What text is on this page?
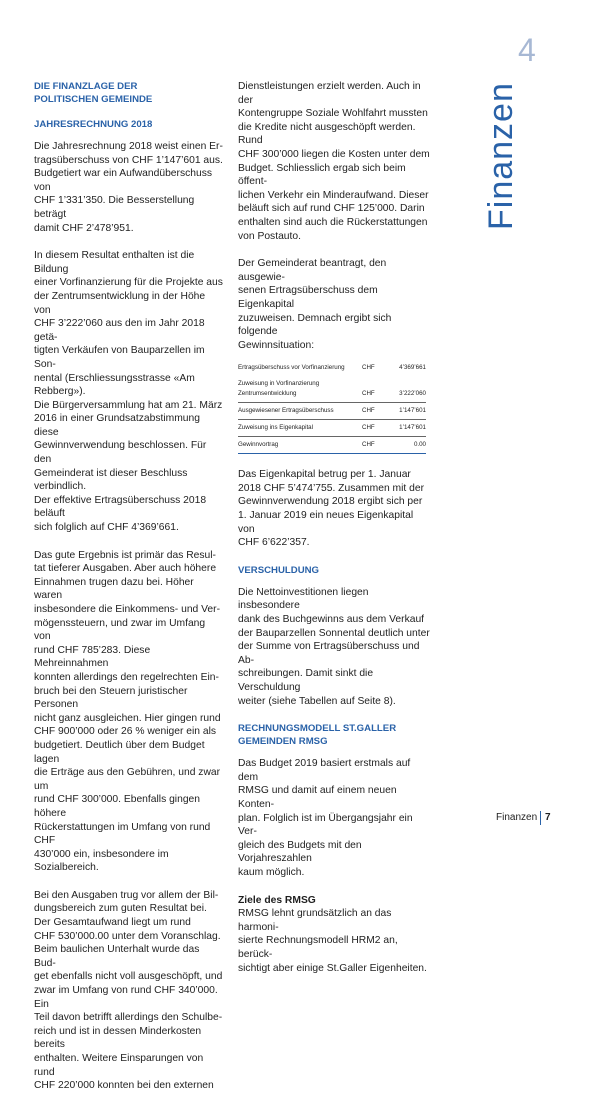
4
Finanzen
DIE FINANZLAGE DER
POLITISCHEN GEMEINDE
JAHRESRECHNUNG 2018
Die Jahresrechnung 2018 weist einen Er-
tragsüberschuss von CHF 1’147’601 aus.
Budgetiert war ein Aufwandüberschuss von
CHF 1’331’350. Die Besserstellung beträgt
damit CHF 2’478’951.
In diesem Resultat enthalten ist die Bildung
einer Vorfinanzierung für die Projekte aus
der Zentrumsentwicklung in der Höhe von
CHF 3’222’060 aus den im Jahr 2018 getä-
tigten Verkäufen von Bauparzellen im Son-
nental (Erschliessungsstrasse «Am Rebberg»).
Die Bürgerversammlung hat am 21. März
2016 in einer Grundsatzabstimmung diese
Gewinnverwendung beschlossen. Für den
Gemeinderat ist dieser Beschluss verbindlich.
Der effektive Ertragsüberschuss 2018 beläuft
sich folglich auf CHF 4’369’661.
Das gute Ergebnis ist primär das Resul-
tat tieferer Ausgaben. Aber auch höhere
Einnahmen trugen dazu bei. Höher waren
insbesondere die Einkommens- und Ver-
mögenssteuern, und zwar im Umfang von
rund CHF 785’283. Diese Mehreinnahmen
konnten allerdings den regelrechten Ein-
bruch bei den Steuern juristischer Personen
nicht ganz ausgleichen. Hier gingen rund
CHF 900’000 oder 26 % weniger ein als
budgetiert. Deutlich über dem Budget lagen
die Erträge aus den Gebühren, und zwar um
rund CHF 300’000. Ebenfalls gingen höhere
Rückerstattungen im Umfang von rund CHF
430’000 ein, insbesondere im Sozialbereich.
Bei den Ausgaben trug vor allem der Bil-
dungsbereich zum guten Resultat bei.
Der Gesamtaufwand liegt um rund
CHF 530’000.00 unter dem Voranschlag.
Beim baulichen Unterhalt wurde das Bud-
get ebenfalls nicht voll ausgeschöpft, und
zwar im Umfang von rund CHF 340’000. Ein
Teil davon betrifft allerdings den Schulbe-
reich und ist in dessen Minderkosten bereits
enthalten. Weitere Einsparungen von rund
CHF 220’000 konnten bei den externen
Dienstleistungen erzielt werden. Auch in der
Kontengruppe Soziale Wohlfahrt mussten
die Kredite nicht ausgeschöpft werden. Rund
CHF 300’000 liegen die Kosten unter dem
Budget. Schliesslich ergab sich beim öffent-
lichen Verkehr ein Minderaufwand. Dieser
beläuft sich auf rund CHF 125’000. Darin
enthalten sind auch die Rückerstattungen
von Postauto.
Der Gemeinderat beantragt, den ausgewie-
senen Ertragsüberschuss dem Eigenkapital
zuzuweisen. Demnach ergibt sich folgende
Gewinnsituation:
Ertragsüberschuss vor Vorfinanzierung	CHF	4’369’661
Zuweisung in Vorfinanzierung		
Zentrumsentwicklung	CHF	3’222’060
Ausgewiesener Ertragsüberschuss	CHF	1’147’601
Zuweisung ins Eigenkapital	CHF	1’147’601
Gewinnvortrag	CHF	0.00
Das Eigenkapital betrug per 1. Januar
2018 CHF 5’474’755. Zusammen mit der
Gewinnverwendung 2018 ergibt sich per
1. Januar 2019 ein neues Eigenkapital von
CHF 6’622’357.
VERSCHULDUNG
Die Nettoinvestitionen liegen insbesondere
dank des Buchgewinns aus dem Verkauf
der Bauparzellen Sonnental deutlich unter
der Summe von Ertragsüberschuss und Ab-
schreibungen. Damit sinkt die Verschuldung
weiter (siehe Tabellen auf Seite 8).
RECHNUNGSMODELL ST.GALLER
GEMEINDEN RMSG
Das Budget 2019 basiert erstmals auf dem
RMSG und damit auf einem neuen Konten-
plan. Folglich ist im Übergangsjahr ein Ver-
gleich des Budgets mit den Vorjahreszahlen
kaum möglich.
Ziele des RMSG
RMSG lehnt grundsätzlich an das harmoni-
sierte Rechnungsmodell HRM2 an, berück-
sichtigt aber einige St.Galler Eigenheiten.
Finanzen 7
